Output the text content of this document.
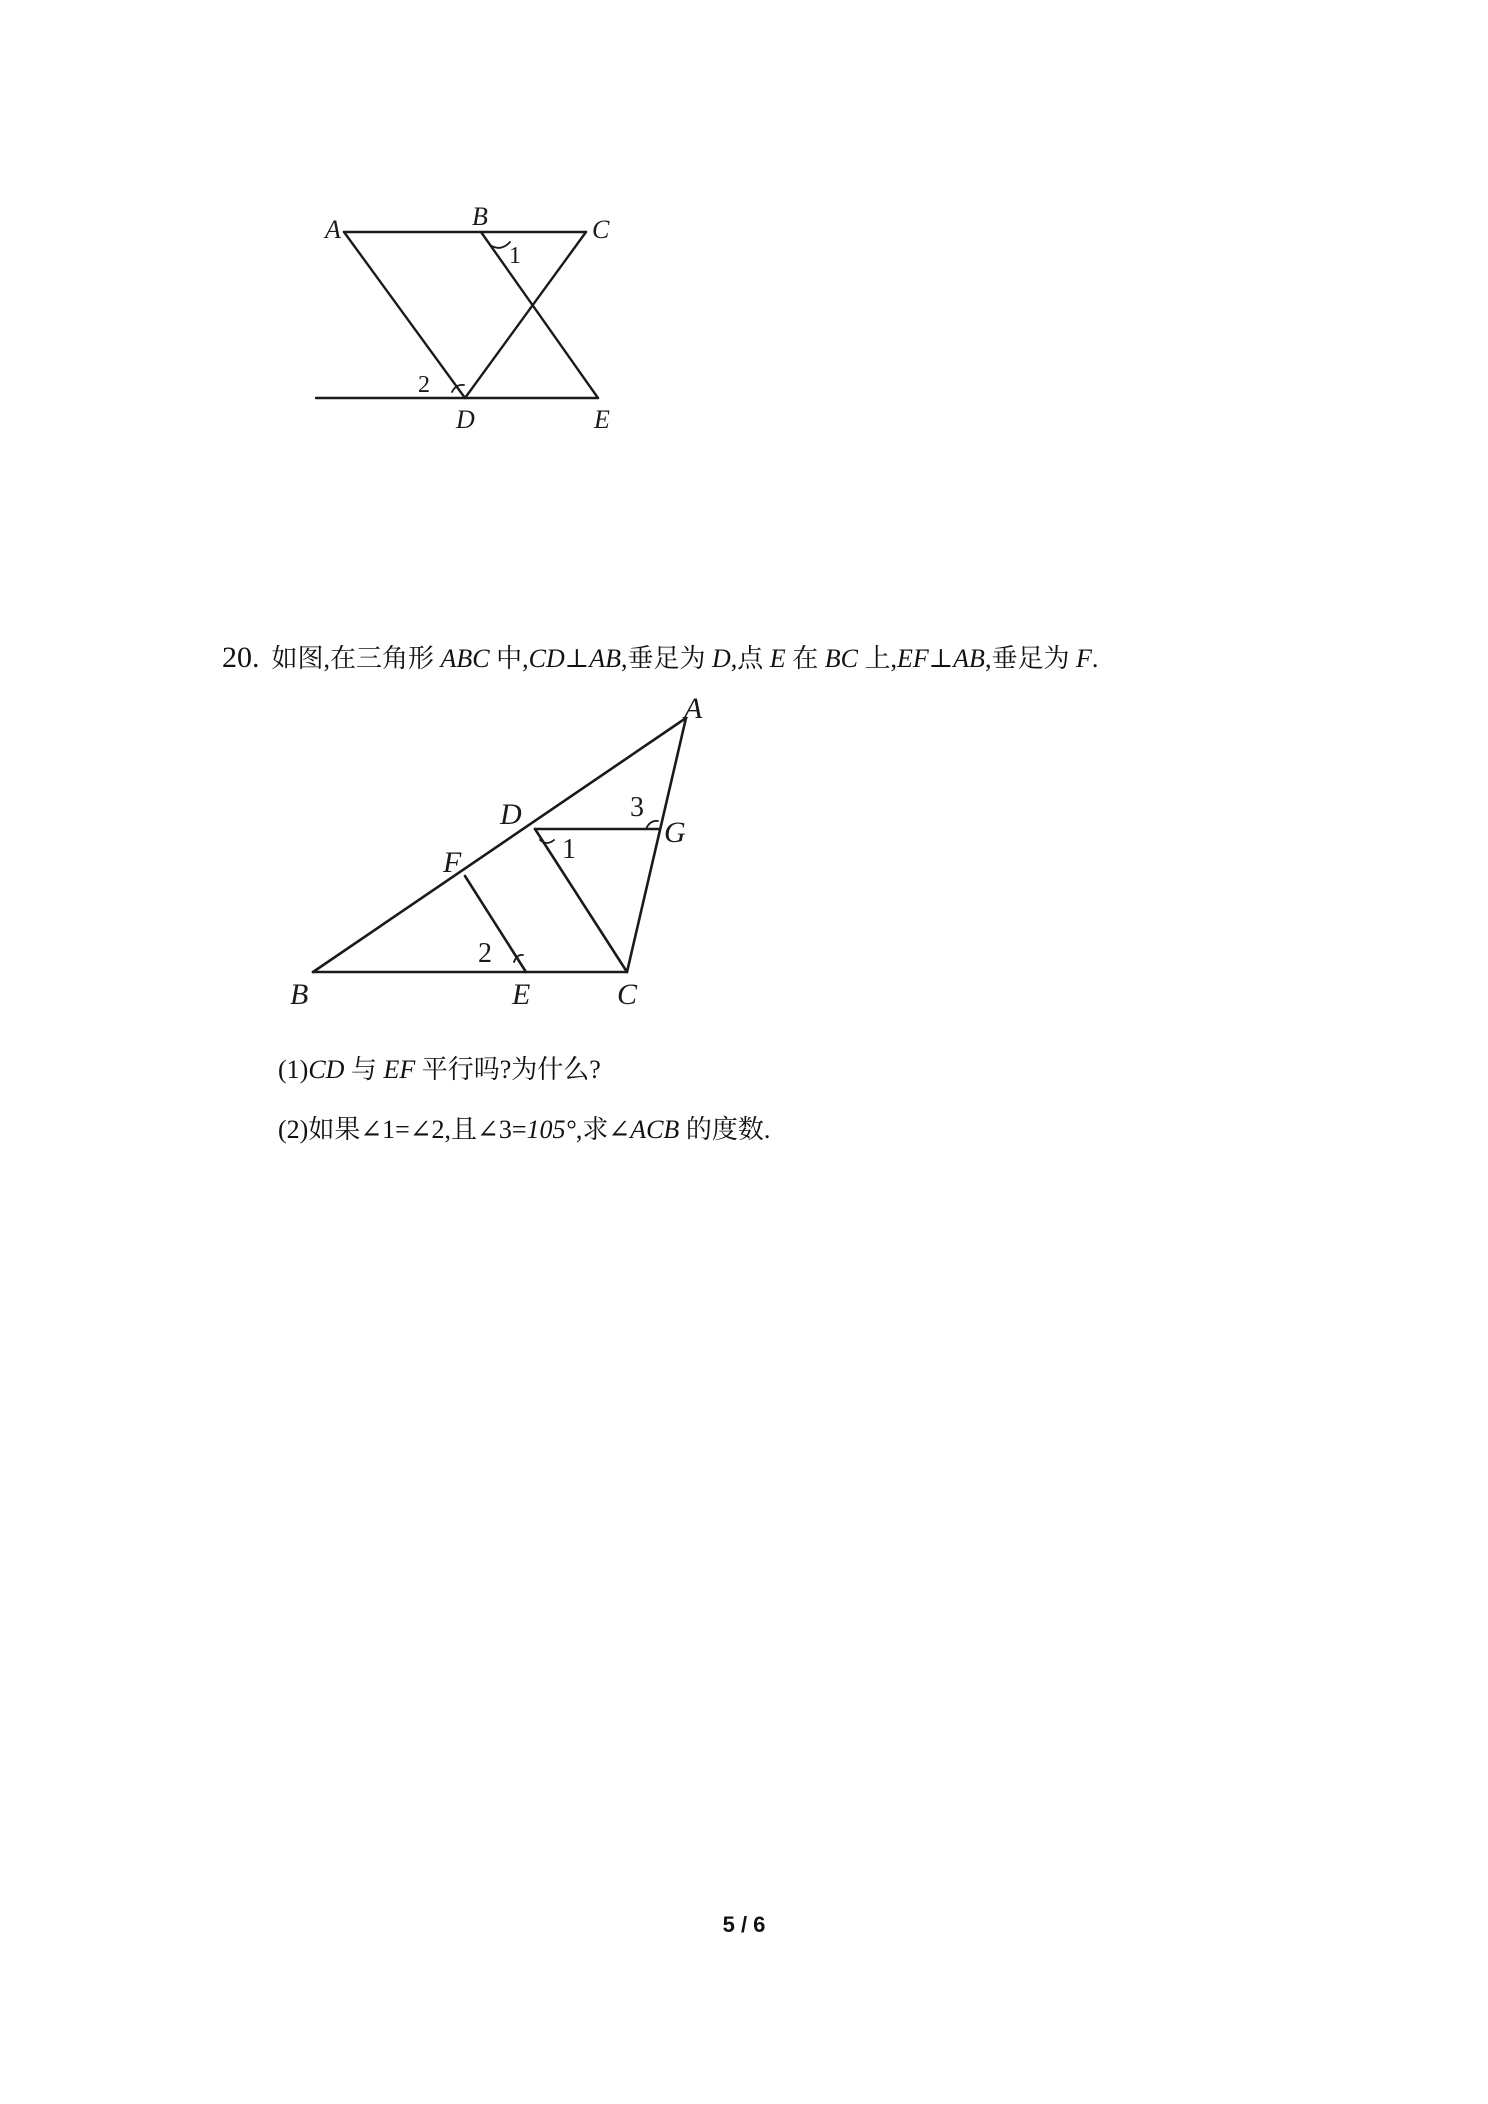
A	B	C
D	E
1
2
20. 如图,在三角形 ABC 中,CD⊥AB,垂足为 D,点 E 在 BC 上,EF⊥AB,垂足为 F.
A
B	C
D
E
F
G
1
2
3
(1)CD 与 EF 平行吗?为什么?
(2)如果∠1=∠2,且∠3=105°,求∠ACB 的度数.
5 / 6
